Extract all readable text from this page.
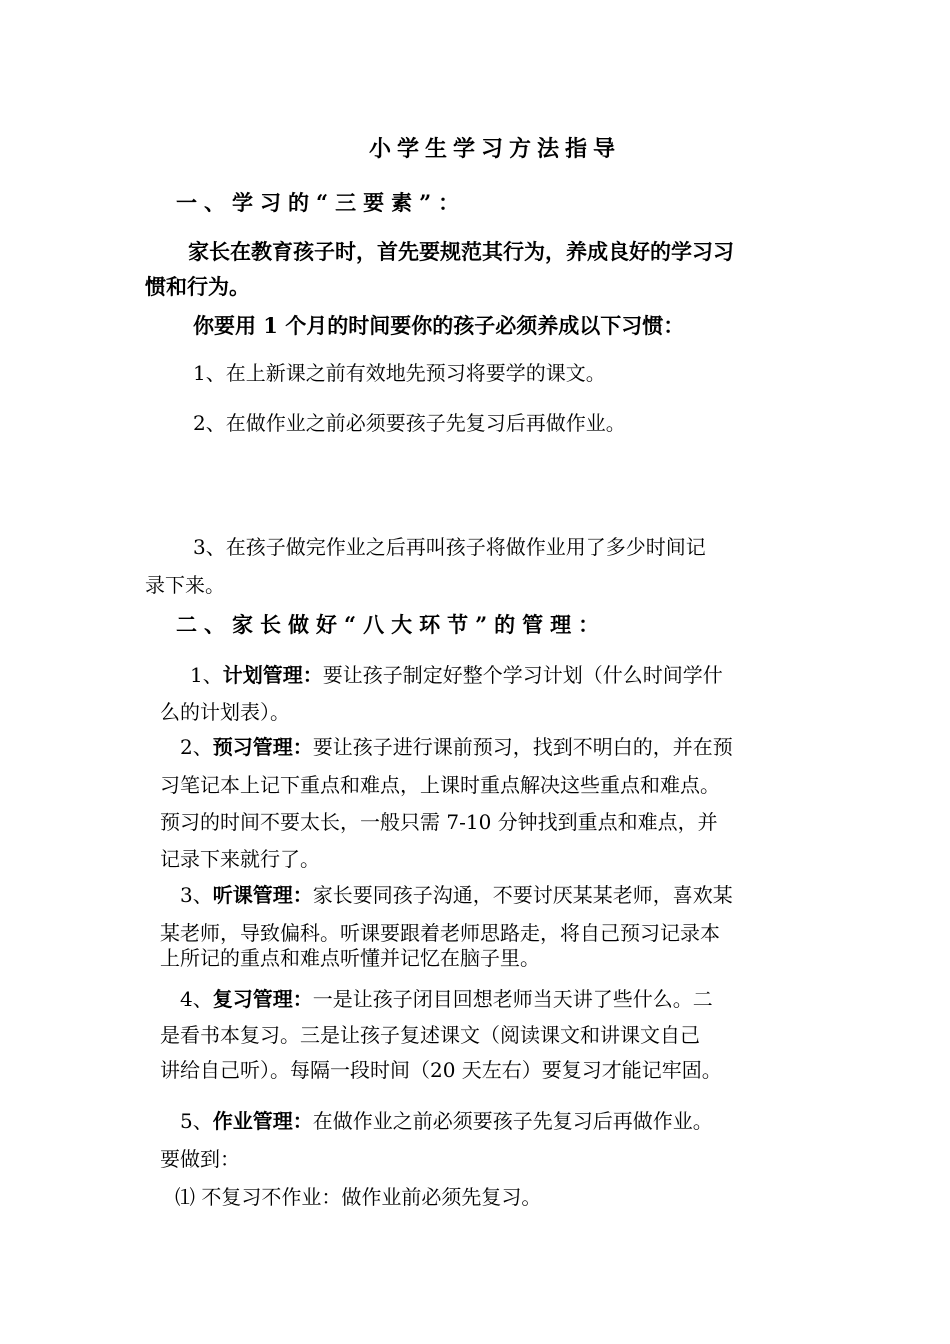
小学生学习方法指导
一、学习的“三要素”：
家长在教育孩子时，首先要规范其行为，养成良好的学习习
惯和行为。
你要用 1 个月的时间要你的孩子必须养成以下习惯：
1、在上新课之前有效地先预习将要学的课文。
2、在做作业之前必须要孩子先复习后再做作业。
3、在孩子做完作业之后再叫孩子将做作业用了多少时间记
录下来。
二、家长做好“八大环节”的管理：
1、计划管理：要让孩子制定好整个学习计划（什么时间学什
么的计划表）。
2、预习管理：要让孩子进行课前预习，找到不明白的，并在预
习笔记本上记下重点和难点，上课时重点解决这些重点和难点。
预习的时间不要太长，一般只需 7-10 分钟找到重点和难点，并
记录下来就行了。
3、听课管理：家长要同孩子沟通，不要讨厌某某老师，喜欢某
某老师，导致偏科。听课要跟着老师思路走，将自己预习记录本
上所记的重点和难点听懂并记忆在脑子里。
4、复习管理：一是让孩子闭目回想老师当天讲了些什么。二
是看书本复习。三是让孩子复述课文（阅读课文和讲课文自己
讲给自己听）。每隔一段时间（20 天左右）要复习才能记牢固。
5、作业管理：在做作业之前必须要孩子先复习后再做作业。
要做到：
⑴ 不复习不作业：做作业前必须先复习。
